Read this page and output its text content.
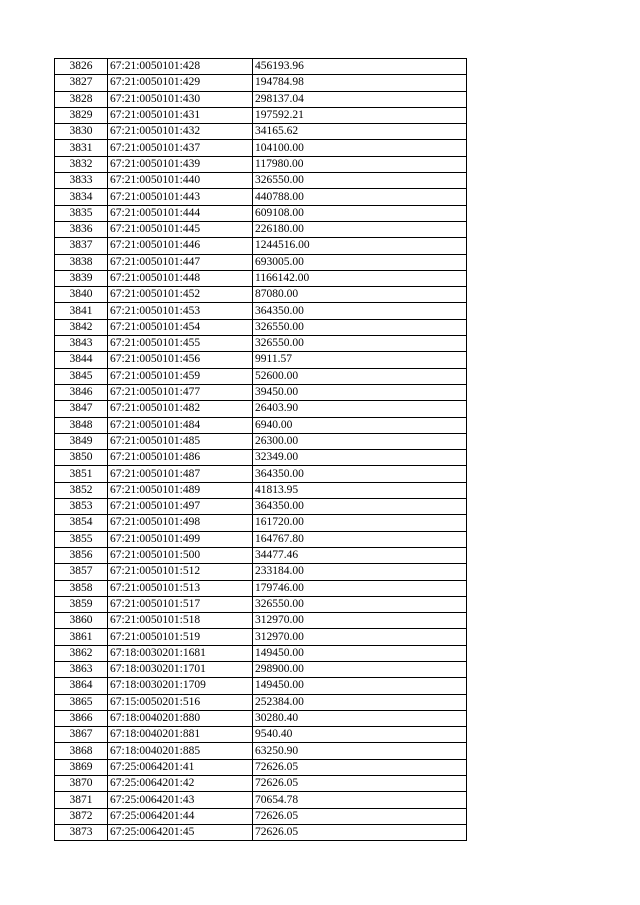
3826	67:21:0050101:428	456193.96
3827	67:21:0050101:429	194784.98
3828	67:21:0050101:430	298137.04
3829	67:21:0050101:431	197592.21
3830	67:21:0050101:432	34165.62
3831	67:21:0050101:437	104100.00
3832	67:21:0050101:439	117980.00
3833	67:21:0050101:440	326550.00
3834	67:21:0050101:443	440788.00
3835	67:21:0050101:444	609108.00
3836	67:21:0050101:445	226180.00
3837	67:21:0050101:446	1244516.00
3838	67:21:0050101:447	693005.00
3839	67:21:0050101:448	1166142.00
3840	67:21:0050101:452	87080.00
3841	67:21:0050101:453	364350.00
3842	67:21:0050101:454	326550.00
3843	67:21:0050101:455	326550.00
3844	67:21:0050101:456	9911.57
3845	67:21:0050101:459	52600.00
3846	67:21:0050101:477	39450.00
3847	67:21:0050101:482	26403.90
3848	67:21:0050101:484	6940.00
3849	67:21:0050101:485	26300.00
3850	67:21:0050101:486	32349.00
3851	67:21:0050101:487	364350.00
3852	67:21:0050101:489	41813.95
3853	67:21:0050101:497	364350.00
3854	67:21:0050101:498	161720.00
3855	67:21:0050101:499	164767.80
3856	67:21:0050101:500	34477.46
3857	67:21:0050101:512	233184.00
3858	67:21:0050101:513	179746.00
3859	67:21:0050101:517	326550.00
3860	67:21:0050101:518	312970.00
3861	67:21:0050101:519	312970.00
3862	67:18:0030201:1681	149450.00
3863	67:18:0030201:1701	298900.00
3864	67:18:0030201:1709	149450.00
3865	67:15:0050201:516	252384.00
3866	67:18:0040201:880	30280.40
3867	67:18:0040201:881	9540.40
3868	67:18:0040201:885	63250.90
3869	67:25:0064201:41	72626.05
3870	67:25:0064201:42	72626.05
3871	67:25:0064201:43	70654.78
3872	67:25:0064201:44	72626.05
3873	67:25:0064201:45	72626.05
